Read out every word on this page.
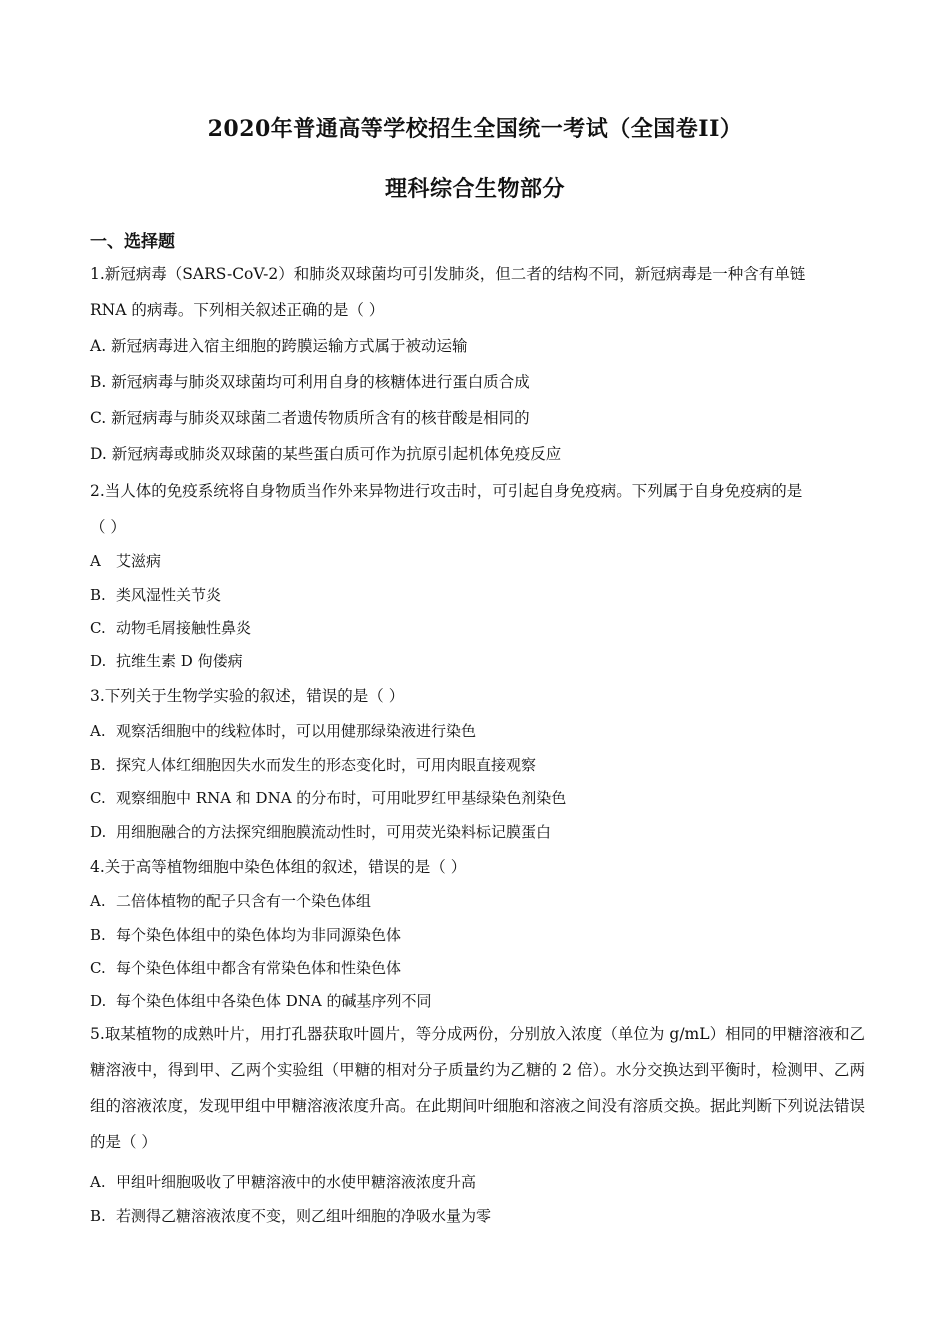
2020年普通高等学校招生全国统一考试（全国卷II）
理科综合生物部分
一、选择题
1.新冠病毒（SARS-CoV-2）和肺炎双球菌均可引发肺炎，但二者的结构不同，新冠病毒是一种含有单链
RNA 的病毒。下列相关叙述正确的是（ ）
A. 新冠病毒进入宿主细胞的跨膜运输方式属于被动运输
B. 新冠病毒与肺炎双球菌均可利用自身的核糖体进行蛋白质合成
C. 新冠病毒与肺炎双球菌二者遗传物质所含有的核苷酸是相同的
D. 新冠病毒或肺炎双球菌的某些蛋白质可作为抗原引起机体免疫反应
2.当人体的免疫系统将自身物质当作外来异物进行攻击时，可引起自身免疫病。下列属于自身免疫病的是
（ ）
A 艾滋病
B. 类风湿性关节炎
C. 动物毛屑接触性鼻炎
D. 抗维生素 D 佝偻病
3.下列关于生物学实验的叙述，错误的是（ ）
A. 观察活细胞中的线粒体时，可以用健那绿染液进行染色
B. 探究人体红细胞因失水而发生的形态变化时，可用肉眼直接观察
C. 观察细胞中 RNA 和 DNA 的分布时，可用吡罗红甲基绿染色剂染色
D. 用细胞融合的方法探究细胞膜流动性时，可用荧光染料标记膜蛋白
4.关于高等植物细胞中染色体组的叙述，错误的是（ ）
A. 二倍体植物的配子只含有一个染色体组
B. 每个染色体组中的染色体均为非同源染色体
C. 每个染色体组中都含有常染色体和性染色体
D. 每个染色体组中各染色体 DNA 的碱基序列不同
5.取某植物的成熟叶片，用打孔器获取叶圆片，等分成两份，分别放入浓度（单位为 g/mL）相同的甲糖溶液和乙糖溶液中，得到甲、乙两个实验组（甲糖的相对分子质量约为乙糖的 2 倍）。水分交换达到平衡时，检测甲、乙两组的溶液浓度，发现甲组中甲糖溶液浓度升高。在此期间叶细胞和溶液之间没有溶质交换。据此判断下列说法错误的是（ ）
A. 甲组叶细胞吸收了甲糖溶液中的水使甲糖溶液浓度升高
B. 若测得乙糖溶液浓度不变，则乙组叶细胞的净吸水量为零
